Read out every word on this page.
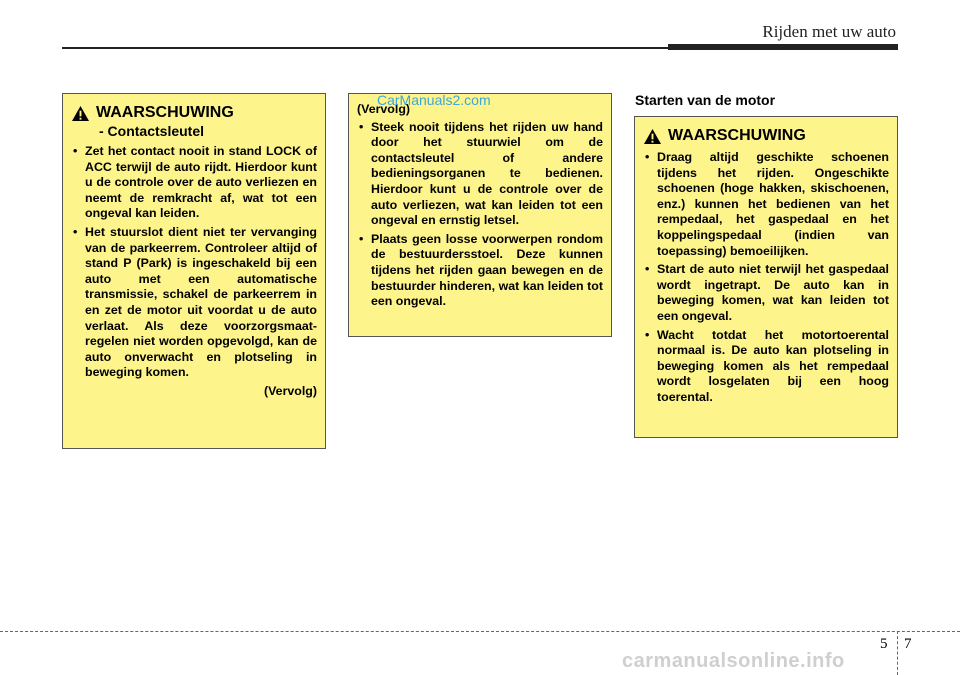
Rijden met uw auto
WAARSCHUWING
- Contactsleutel
• Zet het contact nooit in stand LOCK of ACC terwijl de auto rijdt. Hierdoor kunt u de controle over de auto verliezen en neemt de remkracht af, wat tot een ongeval kan leiden.
• Het stuurslot dient niet ter vervanging van de parkeerrem. Controleer altijd of stand P (Park) is ingeschakeld bij een auto met een automatische transmissie, schakel de parkeerrem in en zet de motor uit voordat u de auto verlaat. Als deze voorzorgsmaatregelen niet worden opgevolgd, kan de auto onverwacht en plotseling in beweging komen.
(Vervolg)
(Vervolg)
• Steek nooit tijdens het rijden uw hand door het stuurwiel om de contactsleutel of andere bedieningsorganen te bedienen. Hierdoor kunt u de controle over de auto verliezen, wat kan leiden tot een ongeval en ernstig letsel.
• Plaats geen losse voorwerpen rondom de bestuurdersstoel. Deze kunnen tijdens het rijden gaan bewegen en de bestuurder hinderen, wat kan leiden tot een ongeval.
CarManuals2.com	Starten van de motor
WAARSCHUWING
• Draag altijd geschikte schoenen tijdens het rijden. Ongeschikte schoenen (hoge hakken, skischoenen, enz.) kunnen het bedienen van het rempedaal, het gaspedaal en het koppelingspedaal (indien van toepassing) bemoeilijken.
• Start de auto niet terwijl het gaspedaal wordt ingetrapt. De auto kan in beweging komen, wat kan leiden tot een ongeval.
• Wacht totdat het motortoerental normaal is. De auto kan plotseling in beweging komen als het rempedaal wordt losgelaten bij een hoog toerental.
5 7
carmanualsonline.info
